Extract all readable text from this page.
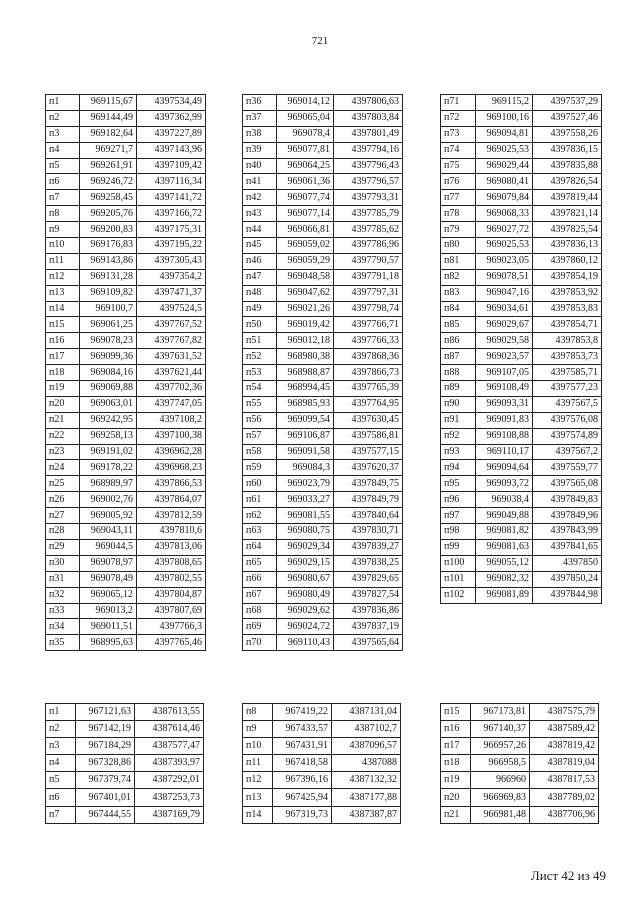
721
п1	969115,67	4397534,49
п2	969144,49	4397362,99
п3	969182,64	4397227,89
п4	969271,7	4397143,96
п5	969261,91	4397109,42
п6	969246,72	4397116,34
п7	969258,45	4397141,72
п8	969205,76	4397166,72
п9	969200,83	4397175,31
п10	969176,83	4397195,22
п11	969143,86	4397305,43
п12	969131,28	4397354,2
п13	969109,82	4397471,37
п14	969100,7	4397524,5
п15	969061,25	4397767,52
п16	969078,23	4397767,82
п17	969099,36	4397631,52
п18	969084,16	4397621,44
п19	969069,88	4397702,36
п20	969063,01	4397747,05
п21	969242,95	4397108,2
п22	969258,13	4397100,38
п23	969191,02	4396962,28
п24	969178,22	4396968,23
п25	968989,97	4397866,53
п26	969002,76	4397864,07
п27	969005,92	4397812,59
п28	969043,11	4397810,6
п29	969044,5	4397813,06
п30	969078,97	4397808,65
п31	969078,49	4397802,55
п32	969065,12	4397804,87
п33	969013,2	4397807,69
п34	969011,51	4397766,3
п35	968995,63	4397765,46
п36	969014,12	4397806,63
п37	969065,04	4397803,84
п38	969078,4	4397801,49
п39	969077,81	4397794,16
п40	969064,25	4397796,43
п41	969061,36	4397796,57
п42	969077,74	4397793,31
п43	969077,14	4397785,79
п44	969066,81	4397785,62
п45	969059,02	4397786,96
п46	969059,29	4397790,57
п47	969048,58	4397791,18
п48	969047,62	4397797,31
п49	969021,26	4397798,74
п50	969019,42	4397766,71
п51	969012,18	4397766,33
п52	968980,38	4397868,36
п53	968988,87	4397866,73
п54	968994,45	4397765,39
п55	968985,93	4397764,95
п56	969099,54	4397630,45
п57	969106,87	4397586,81
п58	969091,58	4397577,15
п59	969084,3	4397620,37
п60	969023,79	4397849,75
п61	969033,27	4397849,79
п62	969081,55	4397840,64
п63	969080,75	4397830,71
п64	969029,34	4397839,27
п65	969029,15	4397838,25
п66	969080,67	4397829,65
п67	969080,49	4397827,54
п68	969029,62	4397836,86
п69	969024,72	4397837,19
п70	969110,43	4397565,64
п71	969115,2	4397537,29
п72	969100,16	4397527,46
п73	969094,81	4397558,26
п74	969025,53	4397836,15
п75	969029,44	4397835,88
п76	969080,41	4397826,54
п77	969079,84	4397819,44
п78	969068,33	4397821,14
п79	969027,72	4397825,54
п80	969025,53	4397836,13
п81	969023,05	4397860,12
п82	969078,51	4397854,19
п83	969047,16	4397853,92
п84	969034,61	4397853,83
п85	969029,67	4397854,71
п86	969029,58	4397853,8
п87	969023,57	4397853,73
п88	969107,05	4397585,71
п89	969108,49	4397577,23
п90	969093,31	4397567,5
п91	969091,83	4397576,08
п92	969108,88	4397574,89
п93	969110,17	4397567,2
п94	969094,64	4397559,77
п95	969093,72	4397565,08
п96	969038,4	4397849,83
п97	969049,88	4397849,96
п98	969081,82	4397843,99
п99	969081,63	4397841,65
п100	969055,12	4397850
п101	969082,32	4397850,24
п102	969081,89	4397844,98
п1	967121,63	4387613,55
п2	967142,19	4387614,46
п3	967184,29	4387577,47
п4	967328,86	4387393,97
п5	967379,74	4387292,01
п6	967401,01	4387253,73
п7	967444,55	4387169,79
п8	967419,22	4387131,04
п9	967433,57	4387102,7
п10	967431,91	4387096,57
п11	967418,58	4387088
п12	967396,16	4387132,32
п13	967425,94	4387177,88
п14	967319,73	4387387,87
п15	967173,81	4387575,79
п16	967140,37	4387589,42
п17	966957,26	4387819,42
п18	966958,5	4387819,04
п19	966960	4387817,53
п20	966969,83	4387789,02
п21	966981,48	4387706,96
Лист 42 из 49
